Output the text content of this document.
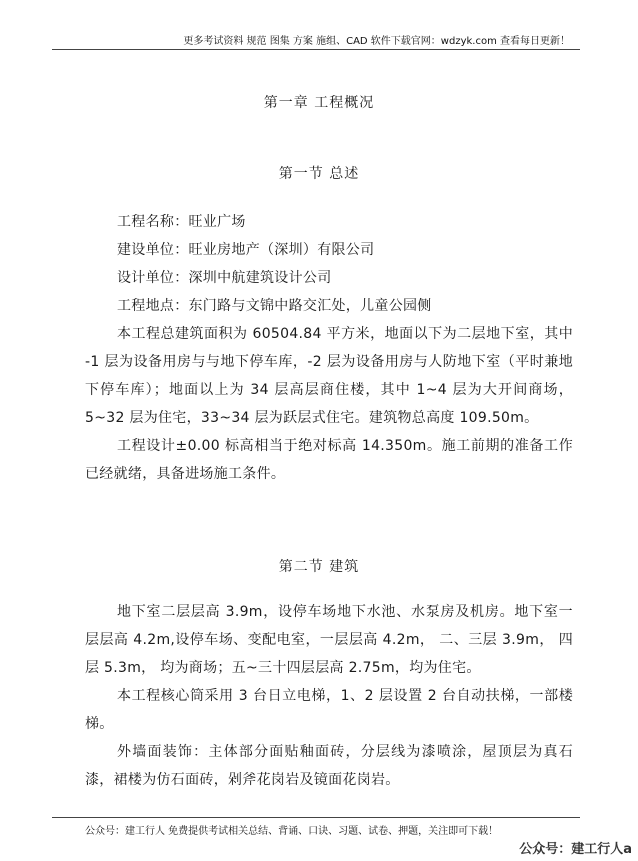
更多考试资料 规范 图集 方案 施组、CAD 软件下载官网：wdzyk.com 查看每日更新！
第一章 工程概况
第一节 总述

工程名称：旺业广场

建设单位：旺业房地产（深圳）有限公司

设计单位：深圳中航建筑设计公司

工程地点：东门路与文锦中路交汇处，儿童公园侧

本工程总建筑面积为 60504.84 平方米，地面以下为二层地下室，其中 -1 层为设备用房与与地下停车库，-2 层为设备用房与人防地下室（平时兼地下停车库）；地面以上为 34 层高层商住楼，其中 1~4 层为大开间商场，5~32 层为住宅，33~34 层为跃层式住宅。建筑物总高度 109.50m。

工程设计±0.00 标高相当于绝对标高 14.350m。施工前期的准备工作已经就绪，具备进场施工条件。

第二节 建筑

地下室二层层高 3.9m，设停车场地下水池、水泵房及机房。地下室一层层高 4.2m,设停车场、变配电室，一层层高 4.2m， 二、三层 3.9m， 四层 5.3m， 均为商场；五~三十四层层高 2.75m，均为住宅。

本工程核心筒采用 3 台日立电梯，1、2 层设置 2 台自动扶梯，一部楼梯。

外墙面装饰：主体部分面贴釉面砖，分层线为漆喷涂，屋顶层为真石漆，裙楼为仿石面砖，剁斧花岗岩及镜面花岗岩。

公众号：建工行人 免费提供考试相关总结、背诵、口诀、习题、试卷、押题，关注即可下载！
公众号：建工行人a
